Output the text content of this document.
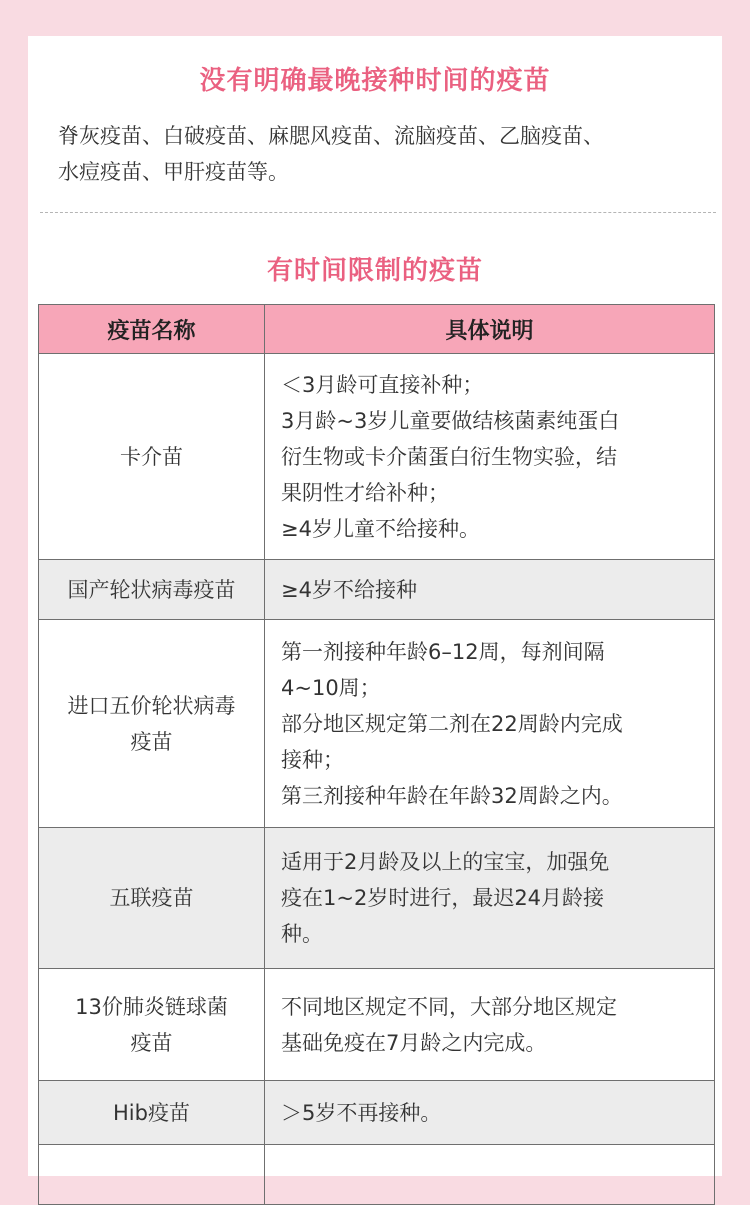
没有明确最晚接种时间的疫苗
脊灰疫苗、白破疫苗、麻腮风疫苗、流脑疫苗、乙脑疫苗、
水痘疫苗、甲肝疫苗等。
有时间限制的疫苗
疫苗名称	具体说明

卡介苗	＜3月龄可直接补种；
3月龄~3岁儿童要做结核菌素纯蛋白
衍生物或卡介菌蛋白衍生物实验，结
果阴性才给补种；
≥4岁儿童不给接种。

国产轮状病毒疫苗	≥4岁不给接种

进口五价轮状病毒
疫苗	第一剂接种年龄6–12周，每剂间隔
4~10周；
部分地区规定第二剂在22周龄内完成
接种；
第三剂接种年龄在年龄32周龄之内。

五联疫苗	适用于2月龄及以上的宝宝，加强免
疫在1~2岁时进行，最迟24月龄接
种。

13价肺炎链球菌
疫苗	不同地区规定不同，大部分地区规定
基础免疫在7月龄之内完成。

Hib疫苗	＞5岁不再接种。
